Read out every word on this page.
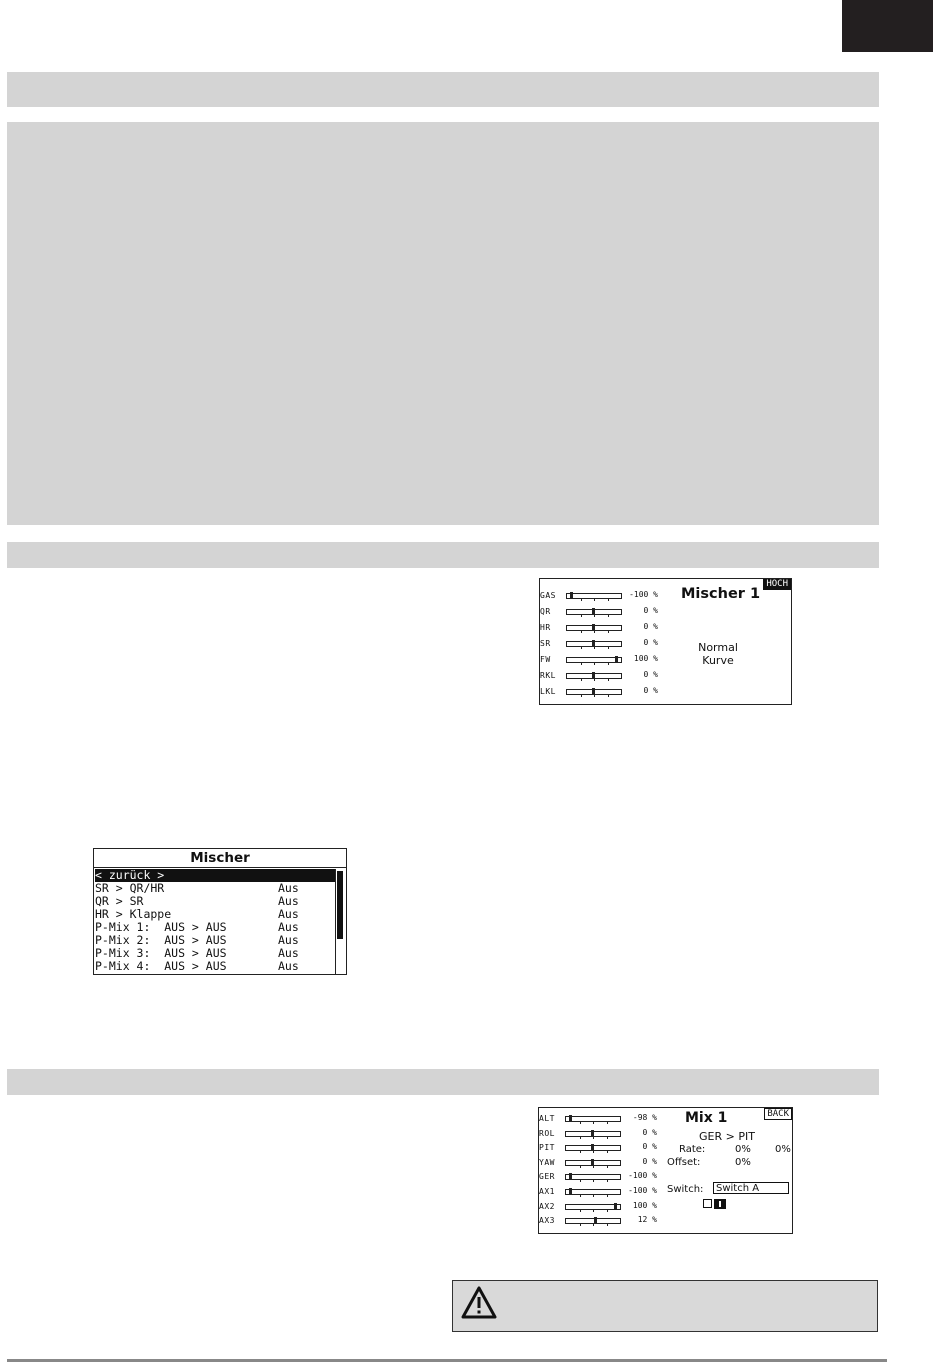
GAS	-100 %
QR	0 %
HR	0 %
SR	0 %
FW	100 %
RKL	0 %
LKL	0 %
Mischer 1
HOCH
Normal
Kurve
Mischer
< zurück >
SR > QR/HR	Aus
QR > SR	Aus
HR > Klappe	Aus
P-Mix 1:  AUS > AUS	Aus
P-Mix 2:  AUS > AUS	Aus
P-Mix 3:  AUS > AUS	Aus
P-Mix 4:  AUS > AUS	Aus
ALT	-98 %
ROL	0 %
PIT	0 %
YAW	0 %
GER	-100 %
AX1	-100 %
AX2	100 %
AX3	12 %
Mix 1	BACK
GER > PIT
Rate:	0% 0%
Offset:	0%
Switch:	Switch A
